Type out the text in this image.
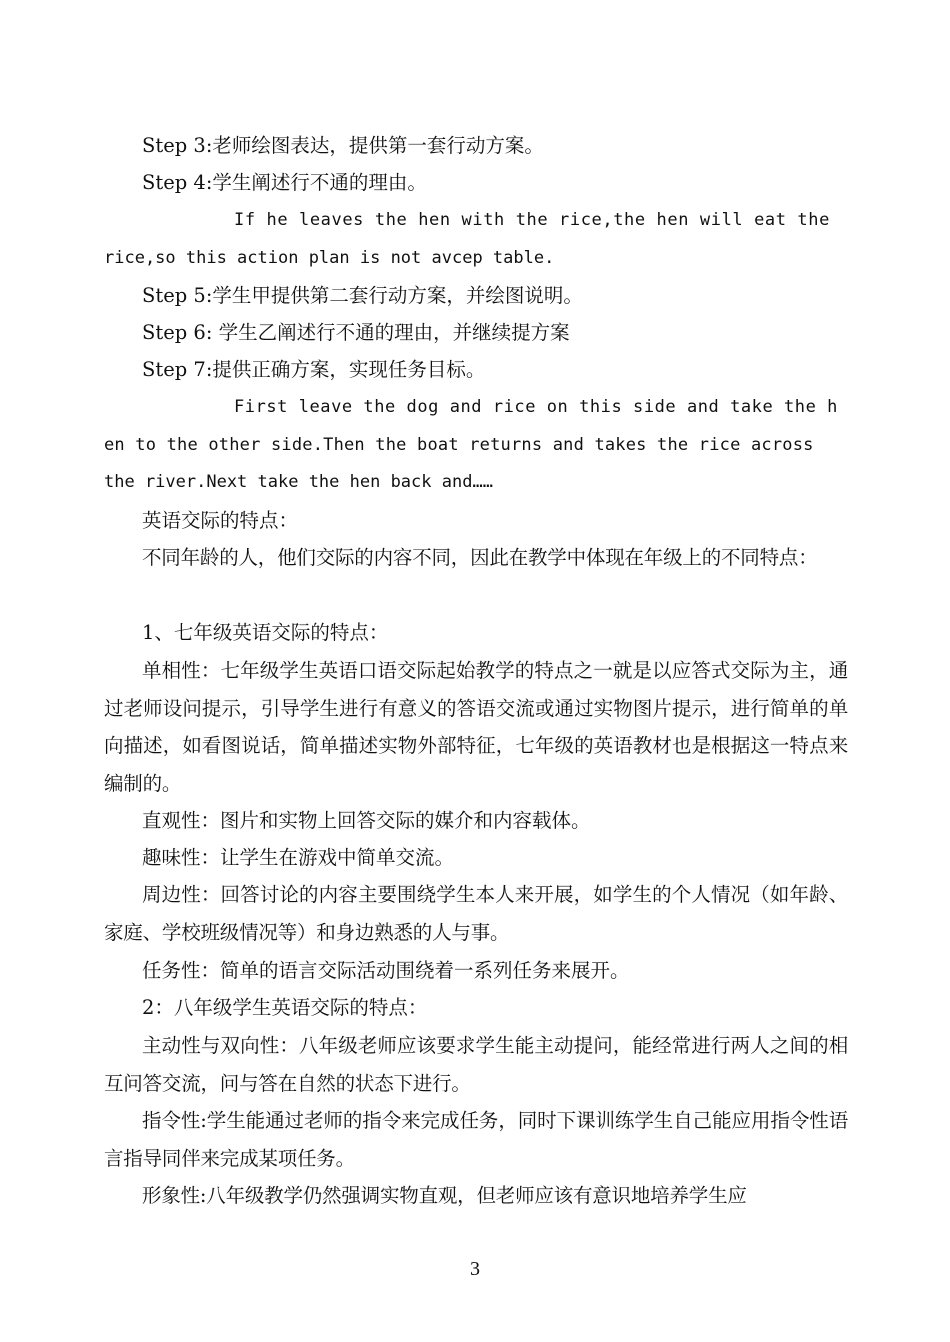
Step 3:老师绘图表达，提供第一套行动方案。

Step 4:学生阐述行不通的理由。

If he leaves the hen with the rice,the hen will eat the
rice,so this action plan is not avcep table.

Step 5:学生甲提供第二套行动方案，并绘图说明。

Step 6: 学生乙阐述行不通的理由，并继续提方案

Step 7:提供正确方案，实现任务目标。

First leave the dog and rice on this side and take the h
en to the other side.Then the boat returns and takes the rice across
the river.Next take the hen back and……

英语交际的特点：

不同年龄的人，他们交际的内容不同，因此在教学中体现在年级上的不同特点：

1、七年级英语交际的特点：

单相性：七年级学生英语口语交际起始教学的特点之一就是以应答式交际为主，通过老师设问提示，引导学生进行有意义的答语交流或通过实物图片提示，进行简单的单向描述，如看图说话，简单描述实物外部特征，七年级的英语教材也是根据这一特点来编制的。

直观性：图片和实物上回答交际的媒介和内容载体。

趣味性：让学生在游戏中简单交流。

周边性：回答讨论的内容主要围绕学生本人来开展，如学生的个人情况（如年龄、家庭、学校班级情况等）和身边熟悉的人与事。

任务性：简单的语言交际活动围绕着一系列任务来展开。

2：八年级学生英语交际的特点：

主动性与双向性：八年级老师应该要求学生能主动提问，能经常进行两人之间的相互问答交流，问与答在自然的状态下进行。

指令性:学生能通过老师的指令来完成任务，同时下课训练学生自己能应用指令性语言指导同伴来完成某项任务。

形象性:八年级教学仍然强调实物直观，但老师应该有意识地培养学生应

3
